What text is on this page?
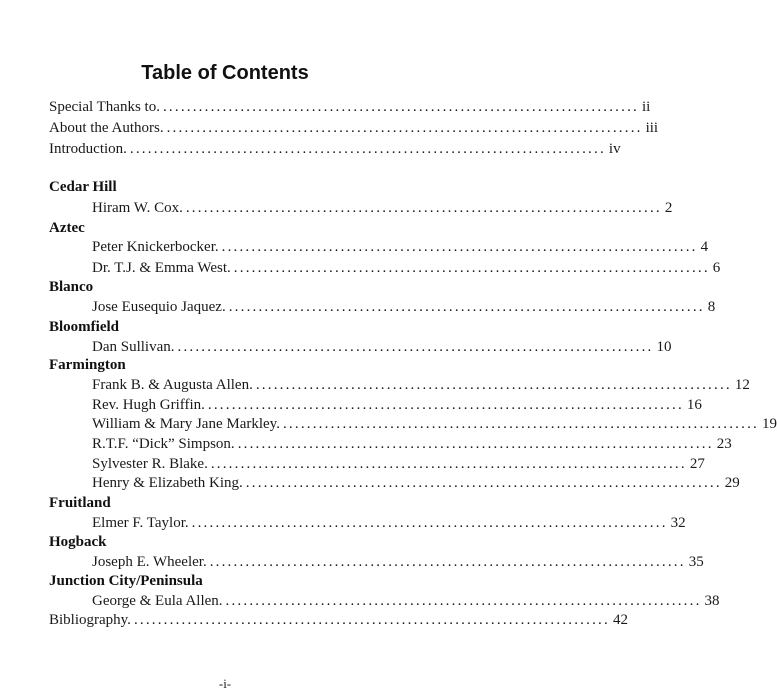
Table of Contents
Special Thanks to. ................................................................................ ii
About the Authors. ................................................................................ iii
Introduction. ................................................................................ iv
Cedar Hill
Hiram W. Cox. ................................................................................ 2
Aztec
Peter Knickerbocker. ................................................................................ 4
Dr. T.J. & Emma West. ................................................................................ 6
Blanco
Jose Eusequio Jaquez. ................................................................................ 8
Bloomfield
Dan Sullivan. ................................................................................ 10
Farmington
Frank B. & Augusta Allen. ................................................................................ 12
Rev. Hugh Griffin. ................................................................................ 16
William & Mary Jane Markley. ................................................................................ 19
R.T.F. “Dick” Simpson. ................................................................................ 23
Sylvester R. Blake. ................................................................................ 27
Henry & Elizabeth King. ................................................................................ 29
Fruitland
Elmer F. Taylor. ................................................................................ 32
Hogback
Joseph E. Wheeler. ................................................................................ 35
Junction City/Peninsula
George & Eula Allen. ................................................................................ 38
Bibliography. ................................................................................ 42
-i-
